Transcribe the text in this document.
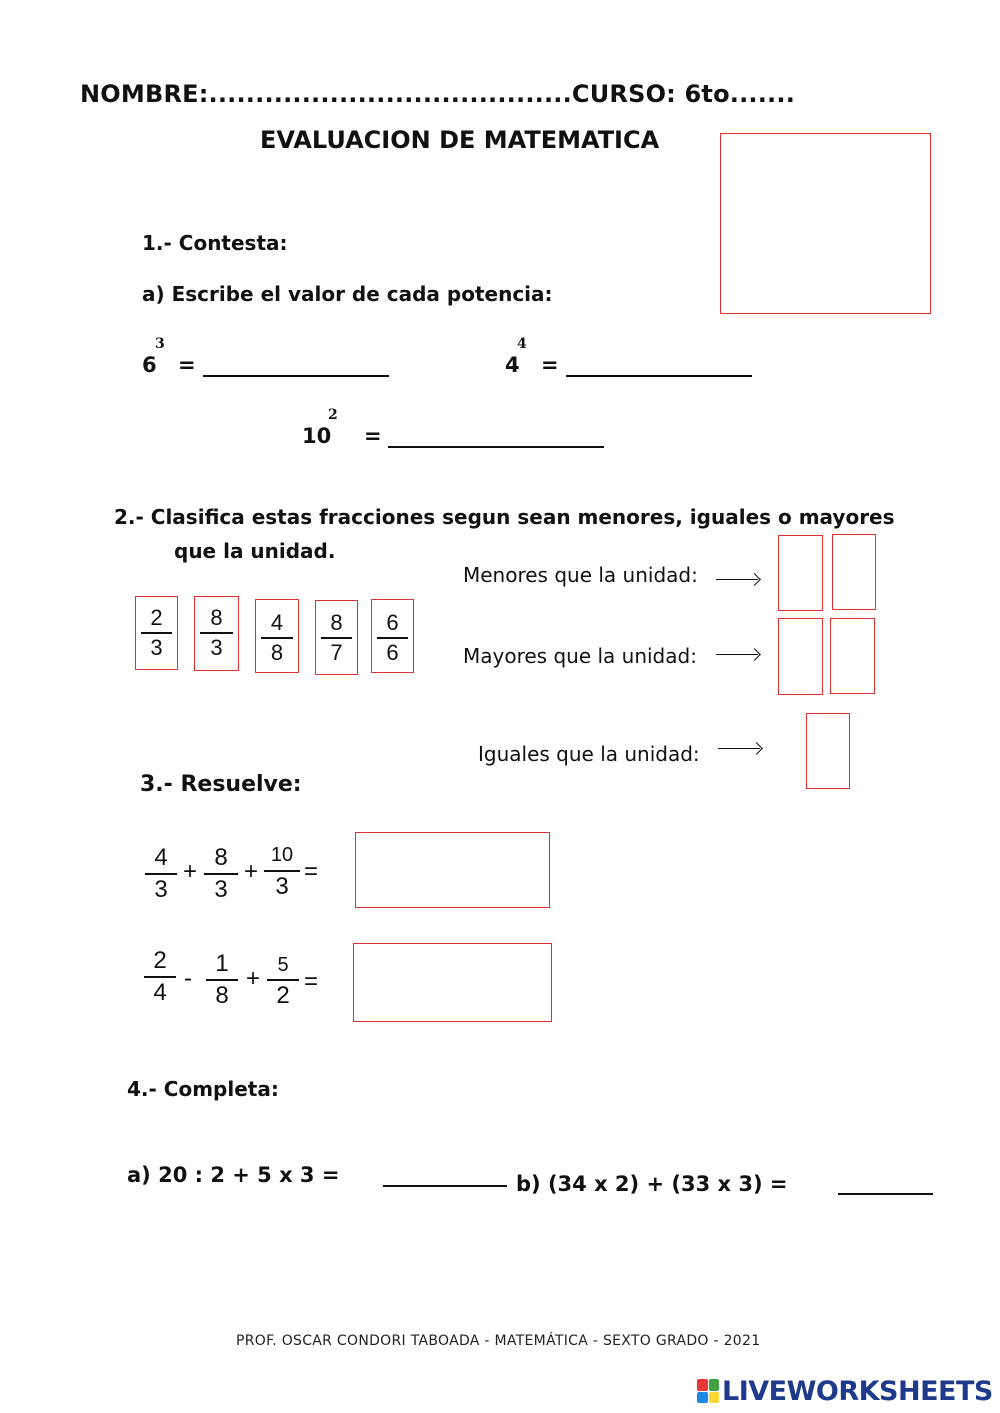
NOMBRE:.......................................CURSO: 6to.......
EVALUACION DE MATEMATICA
1.- Contesta:
a) Escribe el valor de cada potencia:
6
3
=	4
4
=
10
2
=
2.- Clasifica estas fracciones segun sean menores, iguales o mayores
que la unidad.
2
3
8
3
4
8
8
7
6
6
Menores que la unidad:
Mayores que la unidad:
Iguales que la unidad:
3.- Resuelve:
4
3
+
8
3
+
10
3
=
2
4
-
1
8
+ 5
2
=
4.- Completa:
a) 20 : 2 + 5 x 3 =	b) (34 x 2) + (33 x 3) =
PROF. OSCAR CONDORI TABOADA - MATEMÁTICA - SEXTO GRADO - 2021
LIVEWORKSHEETS
